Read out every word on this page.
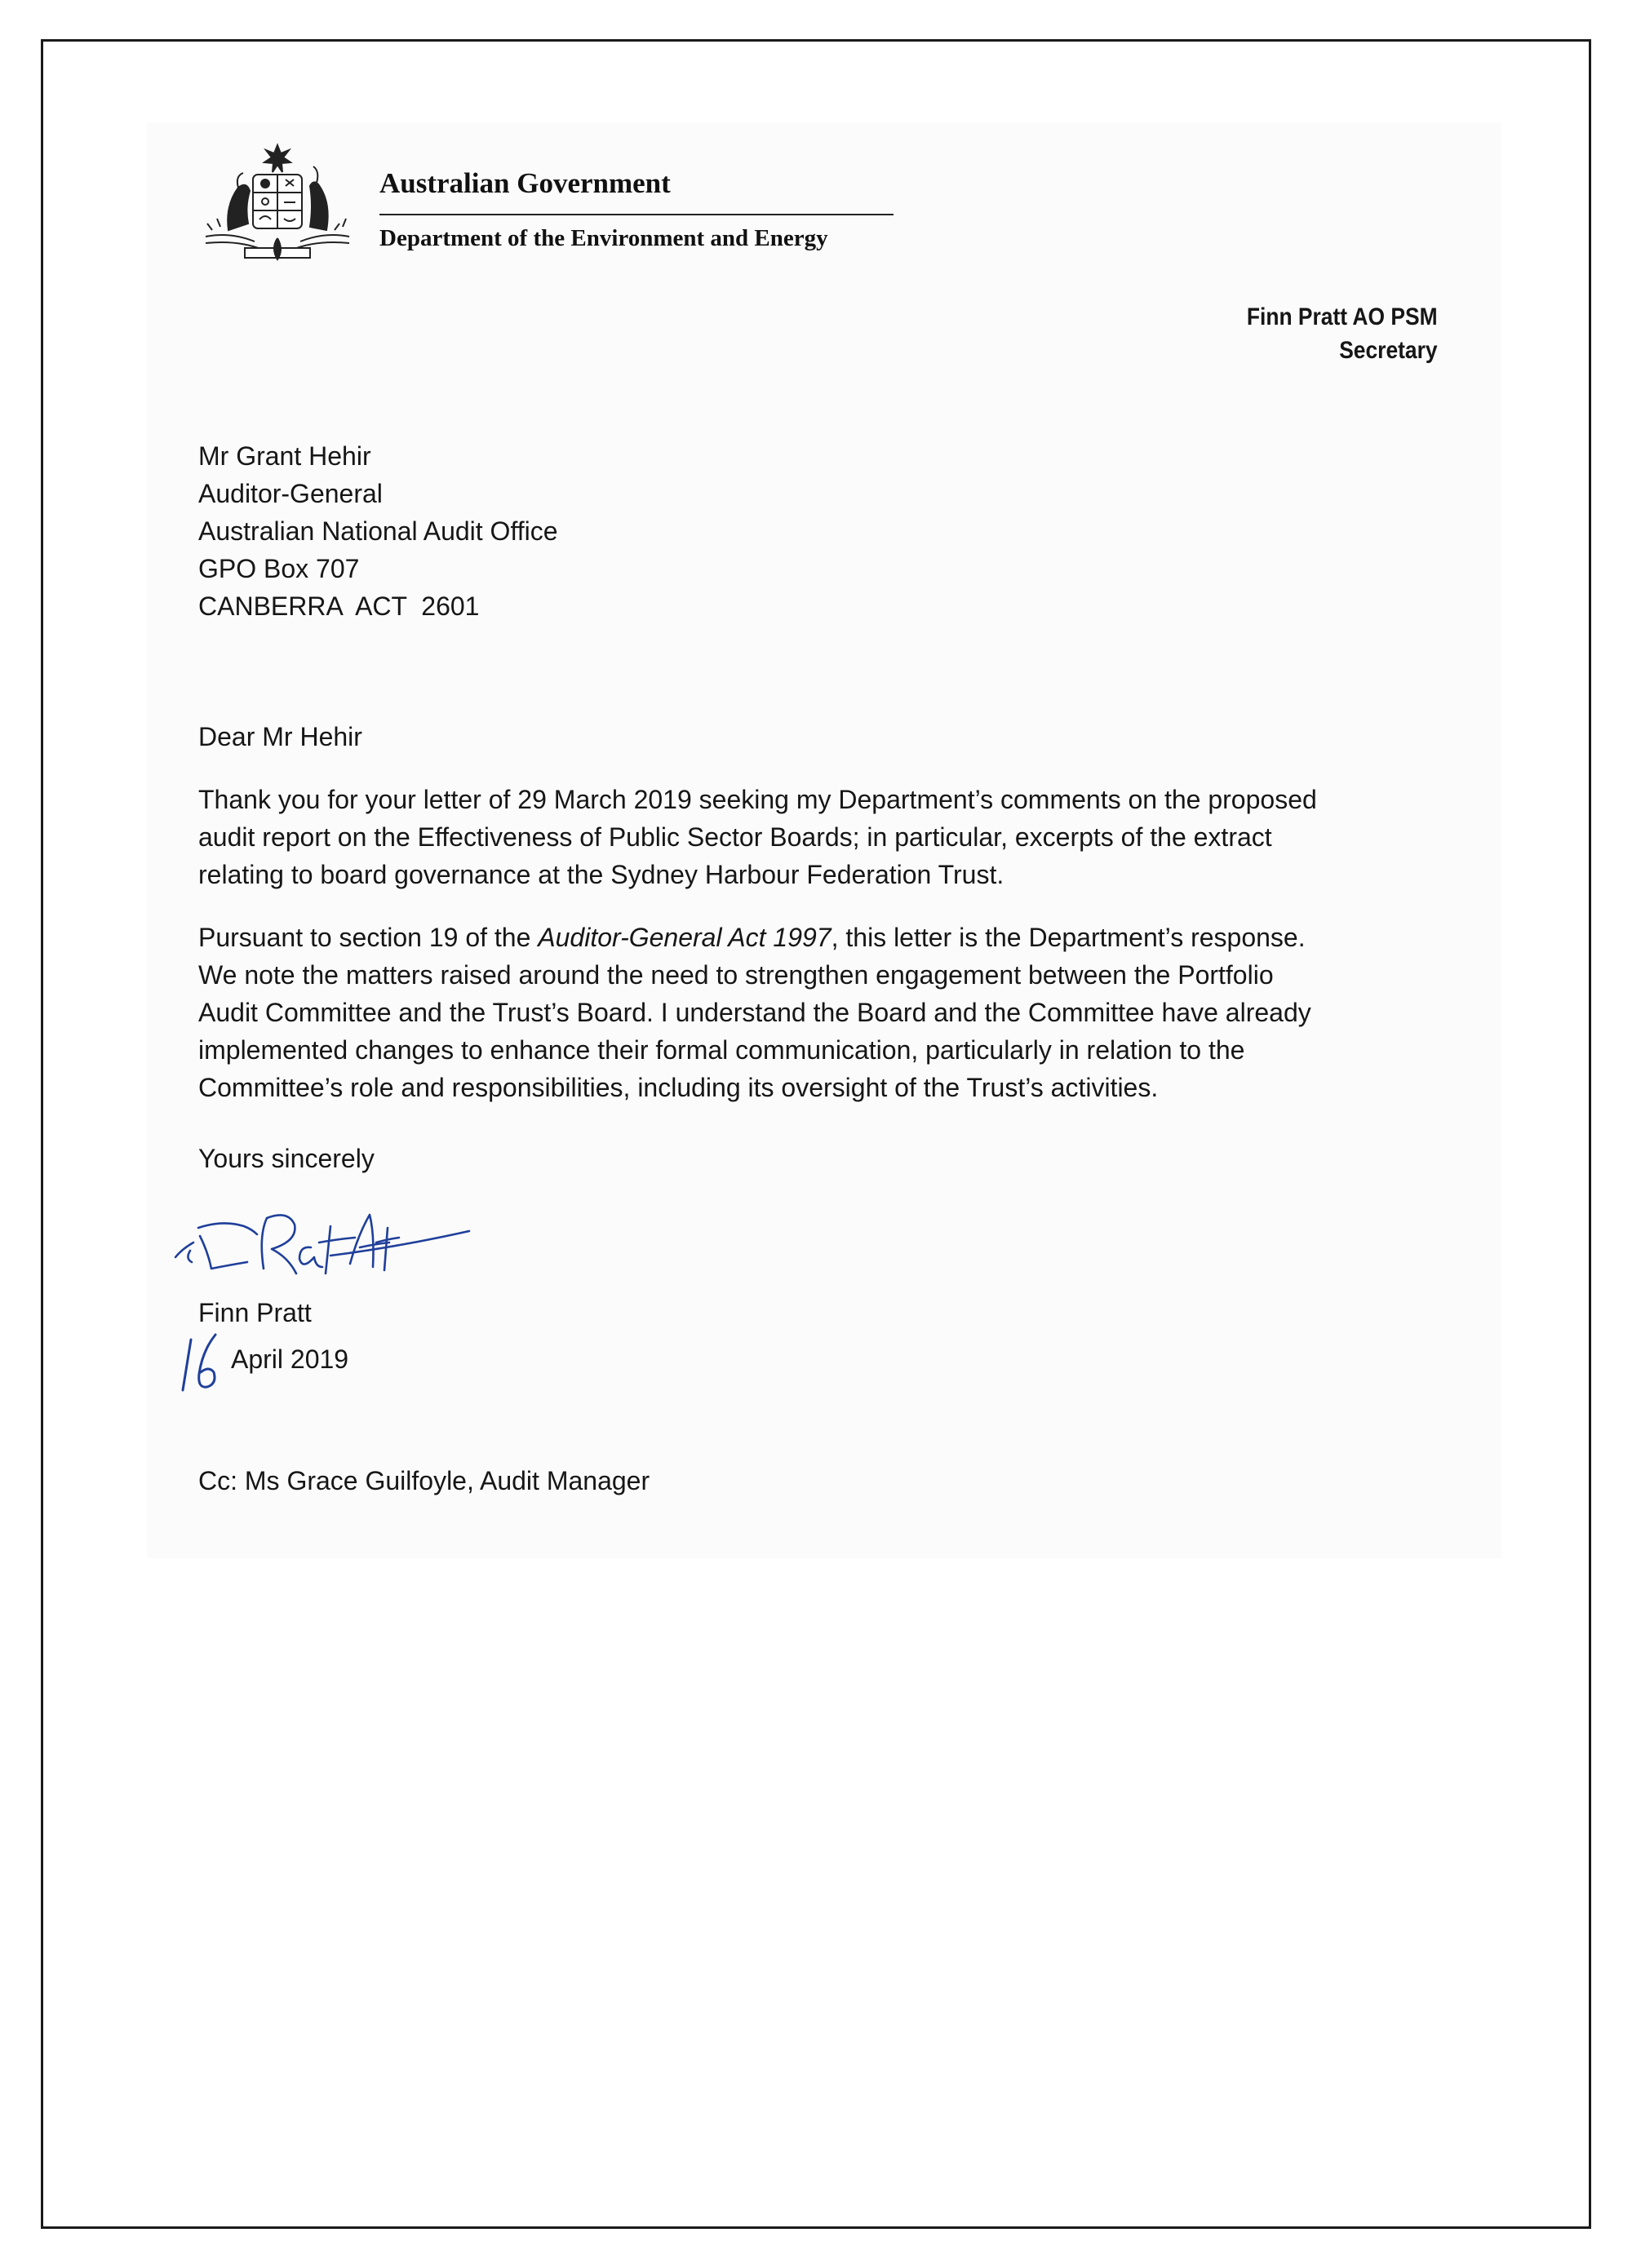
Australian Government
Department of the Environment and Energy
Finn Pratt AO PSM
Secretary
Mr Grant Hehir
Auditor-General
Australian National Audit Office
GPO Box 707
CANBERRA  ACT  2601
Dear Mr Hehir
Thank you for your letter of 29 March 2019 seeking my Department’s comments on the proposed
audit report on the Effectiveness of Public Sector Boards; in particular, excerpts of the extract
relating to board governance at the Sydney Harbour Federation Trust.
Pursuant to section 19 of the Auditor-General Act 1997, this letter is the Department’s response.
We note the matters raised around the need to strengthen engagement between the Portfolio
Audit Committee and the Trust’s Board. I understand the Board and the Committee have already
implemented changes to enhance their formal communication, particularly in relation to the
Committee’s role and responsibilities, including its oversight of the Trust’s activities.
Yours sincerely
Finn Pratt
April 2019
Cc: Ms Grace Guilfoyle, Audit Manager
